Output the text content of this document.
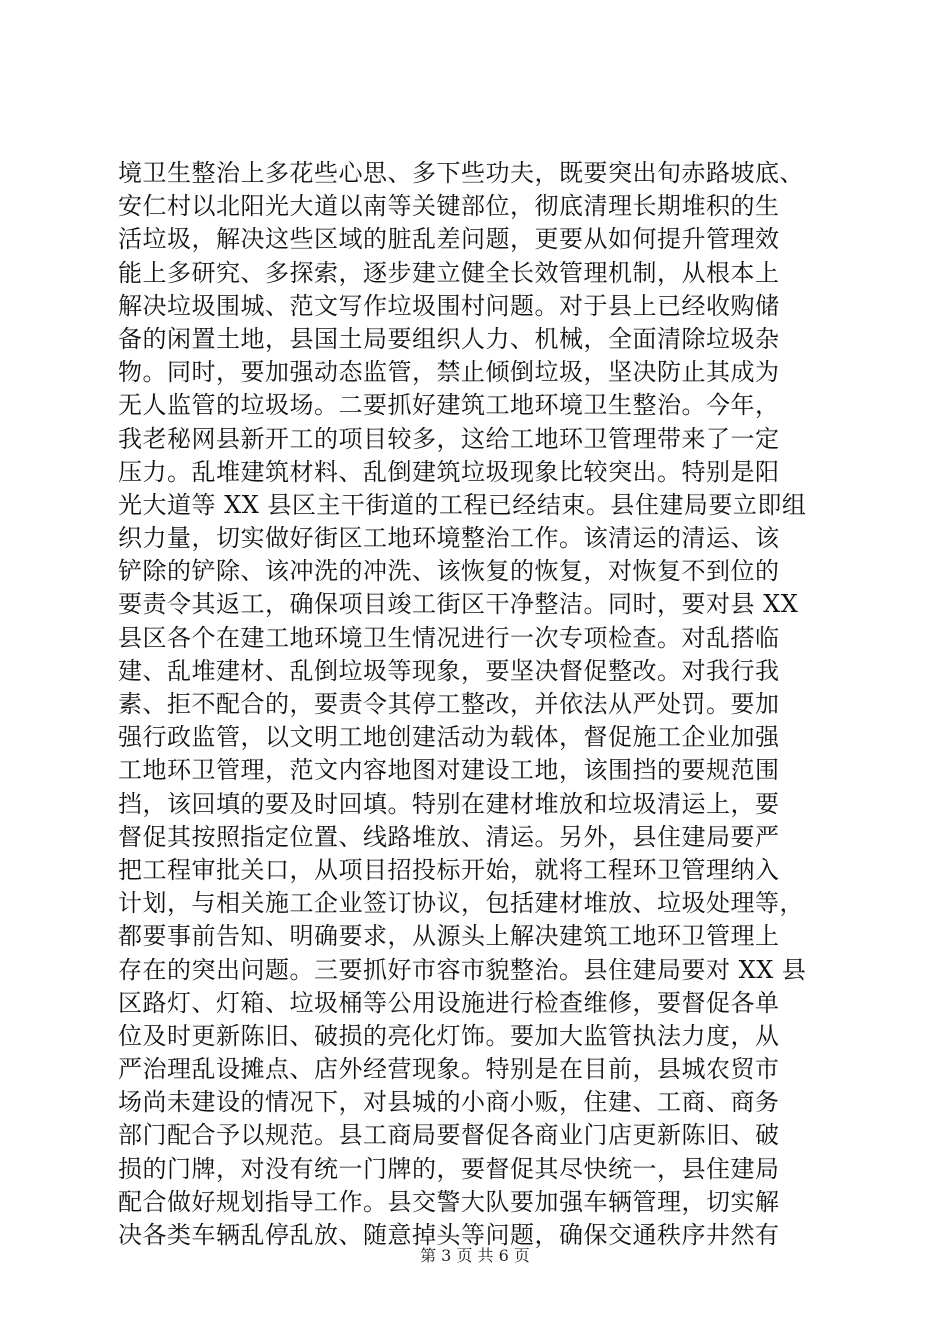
境卫生整治上多花些心思、多下些功夫，既要突出旬赤路坡底、
安仁村以北阳光大道以南等关键部位，彻底清理长期堆积的生
活垃圾，解决这些区域的脏乱差问题，更要从如何提升管理效
能上多研究、多探索，逐步建立健全长效管理机制，从根本上
解决垃圾围城、范文写作垃圾围村问题。对于县上已经收购储
备的闲置土地，县国土局要组织人力、机械，全面清除垃圾杂
物。同时，要加强动态监管，禁止倾倒垃圾，坚决防止其成为
无人监管的垃圾场。二要抓好建筑工地环境卫生整治。今年，
我老秘网县新开工的项目较多，这给工地环卫管理带来了一定
压力。乱堆建筑材料、乱倒建筑垃圾现象比较突出。特别是阳
光大道等 XX 县区主干街道的工程已经结束。县住建局要立即组
织力量，切实做好街区工地环境整治工作。该清运的清运、该
铲除的铲除、该冲洗的冲洗、该恢复的恢复，对恢复不到位的
要责令其返工，确保项目竣工街区干净整洁。同时，要对县 XX
县区各个在建工地环境卫生情况进行一次专项检查。对乱搭临
建、乱堆建材、乱倒垃圾等现象，要坚决督促整改。对我行我
素、拒不配合的，要责令其停工整改，并依法从严处罚。要加
强行政监管，以文明工地创建活动为载体，督促施工企业加强
工地环卫管理，范文内容地图对建设工地，该围挡的要规范围
挡，该回填的要及时回填。特别在建材堆放和垃圾清运上，要
督促其按照指定位置、线路堆放、清运。另外，县住建局要严
把工程审批关口，从项目招投标开始，就将工程环卫管理纳入
计划，与相关施工企业签订协议，包括建材堆放、垃圾处理等，
都要事前告知、明确要求，从源头上解决建筑工地环卫管理上
存在的突出问题。三要抓好市容市貌整治。县住建局要对 XX 县
区路灯、灯箱、垃圾桶等公用设施进行检查维修，要督促各单
位及时更新陈旧、破损的亮化灯饰。要加大监管执法力度，从
严治理乱设摊点、店外经营现象。特别是在目前，县城农贸市
场尚未建设的情况下，对县城的小商小贩，住建、工商、商务
部门配合予以规范。县工商局要督促各商业门店更新陈旧、破
损的门牌，对没有统一门牌的，要督促其尽快统一，县住建局
配合做好规划指导工作。县交警大队要加强车辆管理，切实解
决各类车辆乱停乱放、随意掉头等问题，确保交通秩序井然有
第 3 页 共 6 页
